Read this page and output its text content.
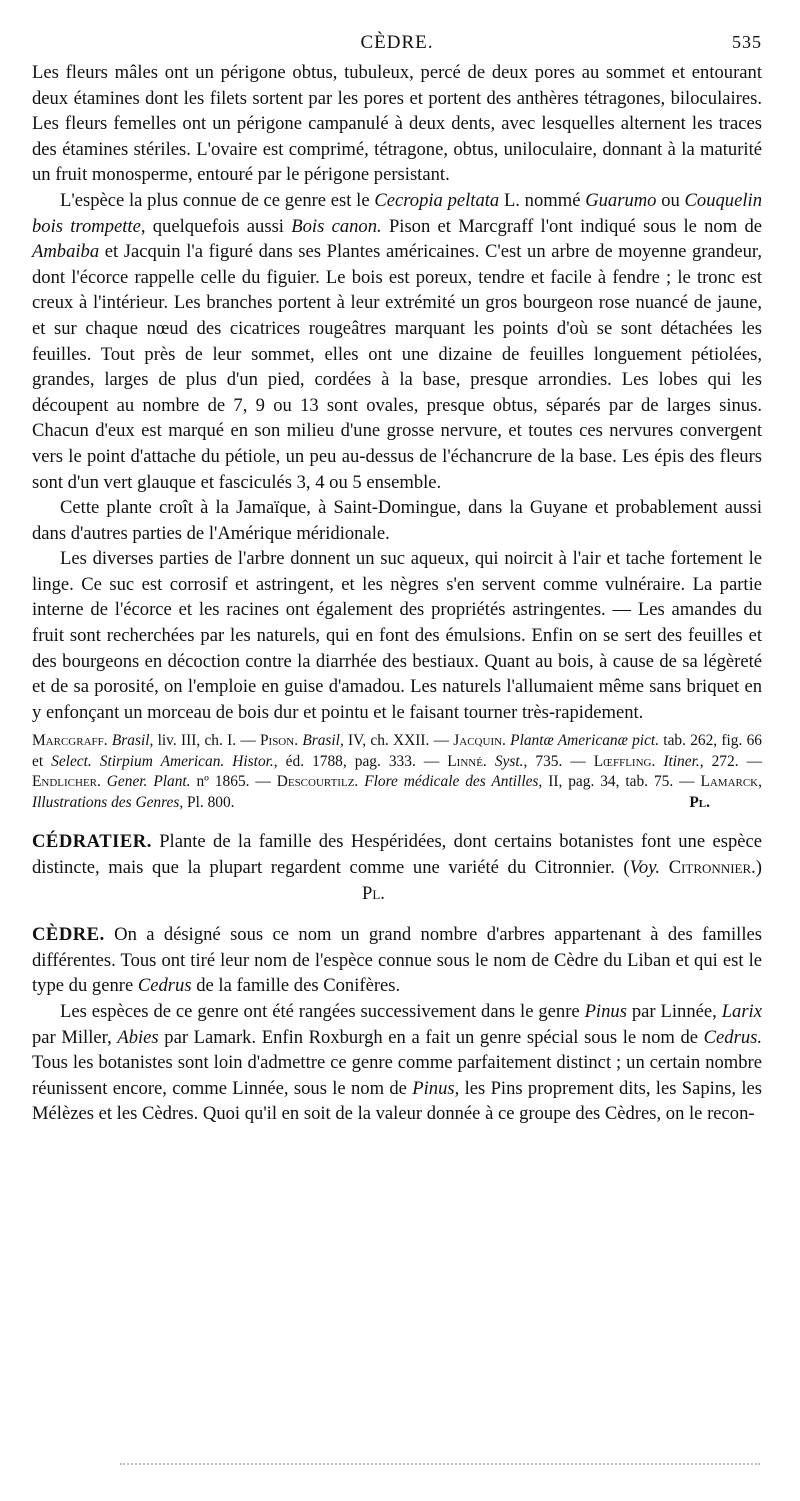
CÈDRE.	535

Les fleurs mâles ont un périgone obtus, tubuleux, percé de deux pores au sommet et entourant deux étamines dont les filets sortent par les pores et portent des anthères tétragones, biloculaires. Les fleurs femelles ont un périgone campanulé à deux dents, avec lesquelles alternent les traces des étamines stériles. L'ovaire est comprimé, tétragone, obtus, uniloculaire, donnant à la maturité un fruit monosperme, entouré par le périgone persistant.

L'espèce la plus connue de ce genre est le Cecropia peltata L. nommé Guarumo ou Couquelin bois trompette, quelquefois aussi Bois canon. Pison et Marcgraff l'ont indiqué sous le nom de Ambaiba et Jacquin l'a figuré dans ses Plantes américaines. C'est un arbre de moyenne grandeur, dont l'écorce rappelle celle du figuier. Le bois est poreux, tendre et facile à fendre ; le tronc est creux à l'intérieur. Les branches portent à leur extrémité un gros bourgeon rose nuancé de jaune, et sur chaque nœud des cicatrices rougeâtres marquant les points d'où se sont détachées les feuilles. Tout près de leur sommet, elles ont une dizaine de feuilles longuement pétiolées, grandes, larges de plus d'un pied, cordées à la base, presque arrondies. Les lobes qui les découpent au nombre de 7, 9 ou 13 sont ovales, presque obtus, séparés par de larges sinus. Chacun d'eux est marqué en son milieu d'une grosse nervure, et toutes ces nervures convergent vers le point d'attache du pétiole, un peu au-dessus de l'échancrure de la base. Les épis des fleurs sont d'un vert glauque et fasciculés 3, 4 ou 5 ensemble.

Cette plante croît à la Jamaïque, à Saint-Domingue, dans la Guyane et probablement aussi dans d'autres parties de l'Amérique méridionale.

Les diverses parties de l'arbre donnent un suc aqueux, qui noircit à l'air et tache fortement le linge. Ce suc est corrosif et astringent, et les nègres s'en servent comme vulnéraire. La partie interne de l'écorce et les racines ont également des propriétés astringentes. — Les amandes du fruit sont recherchées par les naturels, qui en font des émulsions. Enfin on se sert des feuilles et des bourgeons en décoction contre la diarrhée des bestiaux. Quant au bois, à cause de sa légèreté et de sa porosité, on l'emploie en guise d'amadou. Les naturels l'allumaient même sans briquet en y enfonçant un morceau de bois dur et pointu et le faisant tourner très-rapidement.

Marcgraff. Brasil, liv. III, ch. I. — Pison. Brasil, IV, ch. XXII. — Jacquin. Plantæ Americanæ pict. tab. 262, fig. 66 et Select. Stirpium American. Histor., éd. 1788, pag. 333. — Linné. Syst., 735. — Lœffling. Itiner., 272. — Endlicher. Gener. Plant. nº 1865. — Descourtilz. Flore médicale des Antilles, II, pag. 34, tab. 75. — Lamarck, Illustrations des Genres, Pl. 800.	Pl.

CÉDRATIER. Plante de la famille des Hespéridées, dont certains botanistes font une espèce distincte, mais que la plupart regardent comme une variété du Citronnier. (Voy. Citronnier.)Pl.

CÈDRE. On a désigné sous ce nom un grand nombre d'arbres appartenant à des familles différentes. Tous ont tiré leur nom de l'espèce connue sous le nom de Cèdre du Liban et qui est le type du genre Cedrus de la famille des Conifères.

Les espèces de ce genre ont été rangées successivement dans le genre Pinus par Linnée, Larix par Miller, Abies par Lamark. Enfin Roxburgh en a fait un genre spécial sous le nom de Cedrus. Tous les botanistes sont loin d'admettre ce genre comme parfaitement distinct ; un certain nombre réunissent encore, comme Linnée, sous le nom de Pinus, les Pins proprement dits, les Sapins, les Mélèzes et les Cèdres. Quoi qu'il en soit de la valeur donnée à ce groupe des Cèdres, on le recon-
